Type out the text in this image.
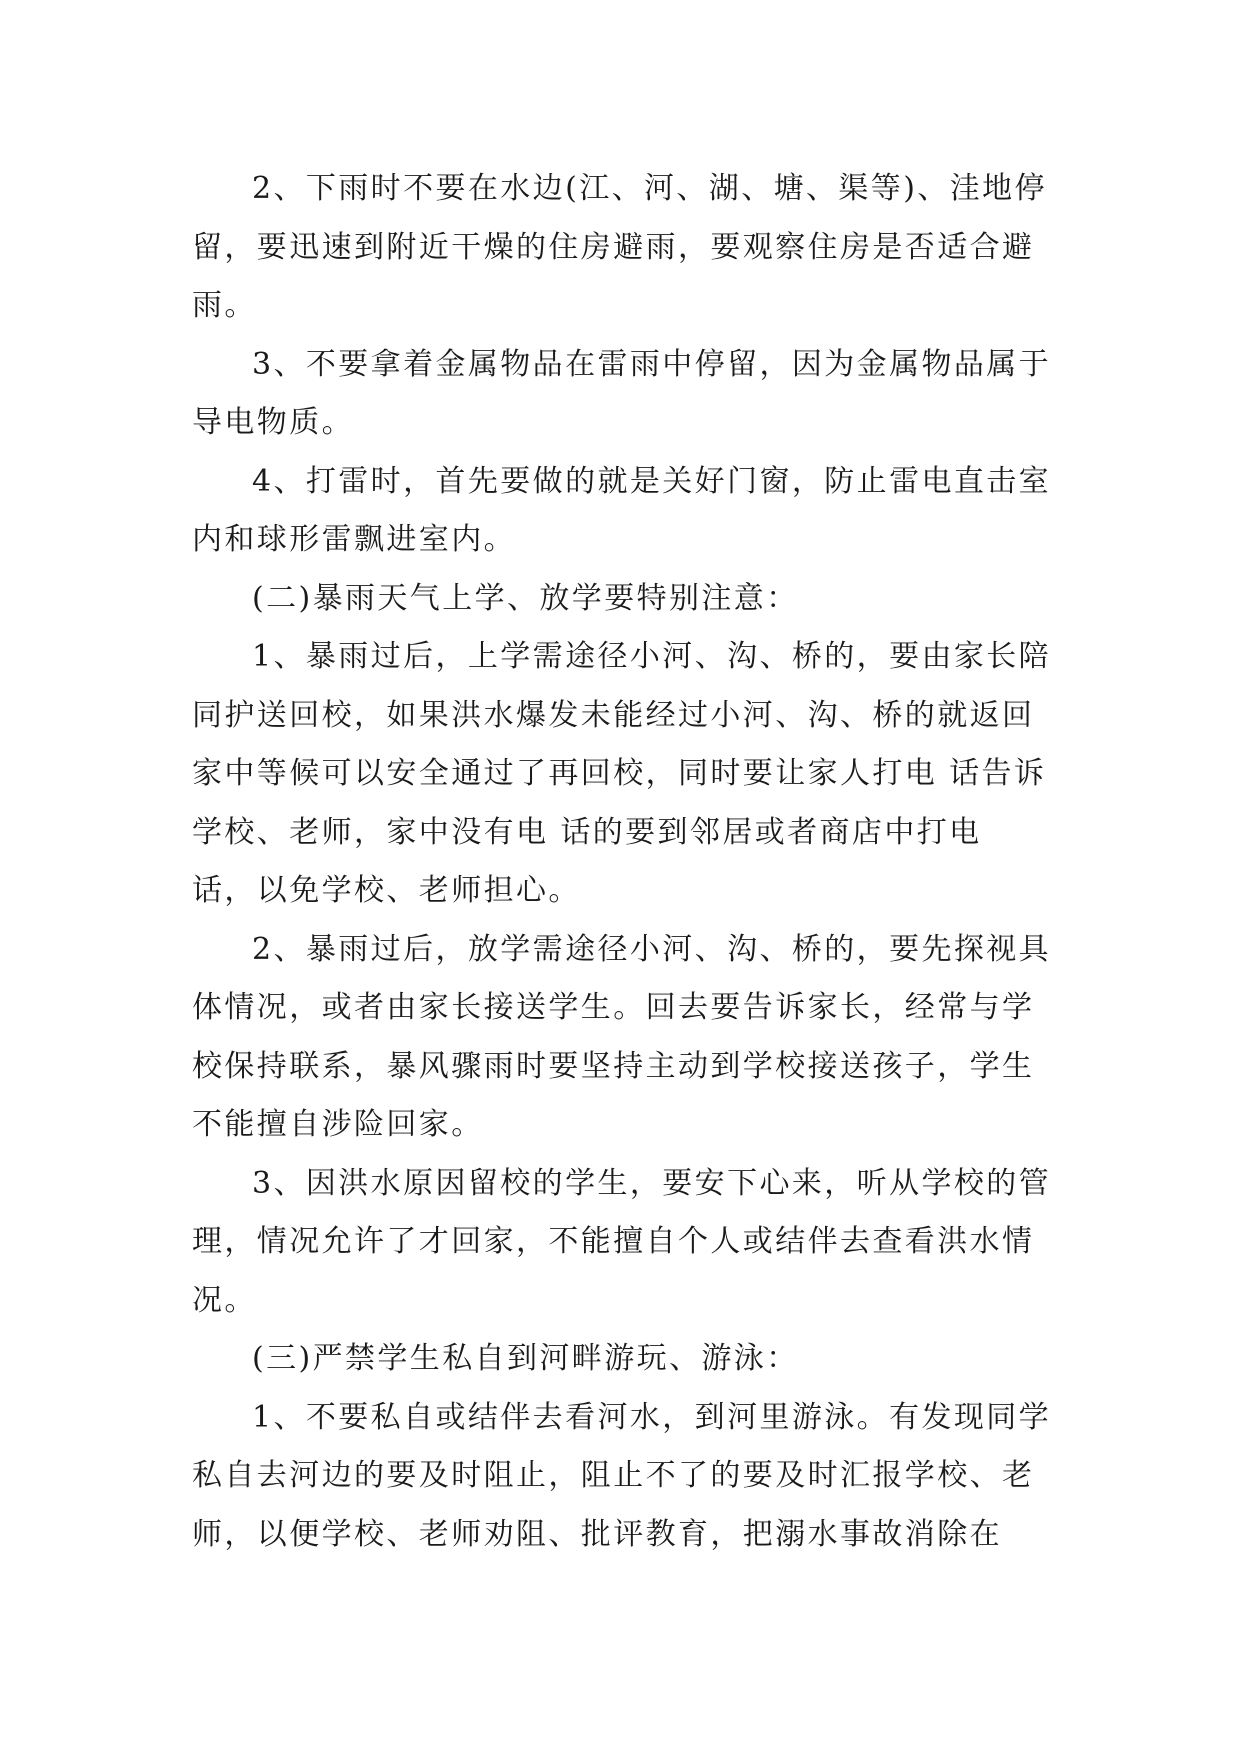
2、下雨时不要在水边(江、河、湖、塘、渠等)、洼地停留，要迅速到附近干燥的住房避雨，要观察住房是否适合避雨。

3、不要拿着金属物品在雷雨中停留，因为金属物品属于导电物质。

4、打雷时，首先要做的就是关好门窗，防止雷电直击室内和球形雷飘进室内。

(二)暴雨天气上学、放学要特别注意：

1、暴雨过后，上学需途径小河、沟、桥的，要由家长陪同护送回校，如果洪水爆发未能经过小河、沟、桥的就返回家中等候可以安全通过了再回校，同时要让家人打电 话告诉学校、老师，家中没有电 话的要到邻居或者商店中打电 话，以免学校、老师担心。

2、暴雨过后，放学需途径小河、沟、桥的，要先探视具体情况，或者由家长接送学生。回去要告诉家长，经常与学校保持联系，暴风骤雨时要坚持主动到学校接送孩子，学生不能擅自涉险回家。

3、因洪水原因留校的学生，要安下心来，听从学校的管理，情况允许了才回家，不能擅自个人或结伴去查看洪水情况。

(三)严禁学生私自到河畔游玩、游泳：

1、不要私自或结伴去看河水，到河里游泳。有发现同学私自去河边的要及时阻止，阻止不了的要及时汇报学校、老师，以便学校、老师劝阻、批评教育，把溺水事故消除在
